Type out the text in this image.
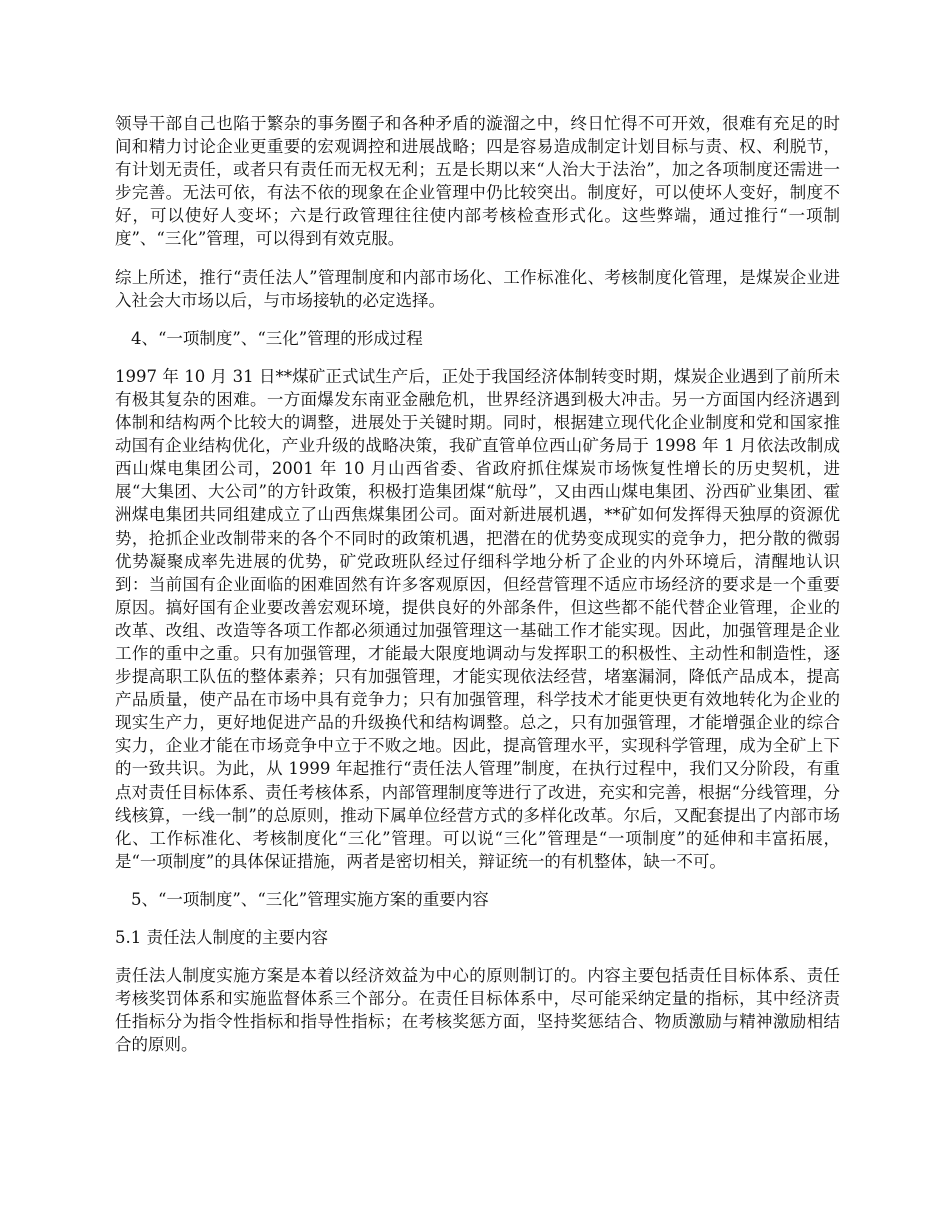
领导干部自己也陷于繁杂的事务圈子和各种矛盾的漩溜之中，终日忙得不可开效，很难有充足的时间和精力讨论企业更重要的宏观调控和进展战略；四是容易造成制定计划目标与责、权、利脱节，有计划无责任，或者只有责任而无权无利；五是长期以来“人治大于法治”，加之各项制度还需进一步完善。无法可依，有法不依的现象在企业管理中仍比较突出。制度好，可以使坏人变好，制度不好，可以使好人变坏；六是行政管理往往使内部考核检查形式化。这些弊端，通过推行“一项制度”、“三化”管理，可以得到有效克服。

综上所述，推行“责任法人”管理制度和内部市场化、工作标准化、考核制度化管理，是煤炭企业进入社会大市场以后，与市场接轨的必定选择。

4、“一项制度”、“三化”管理的形成过程

1997 年 10 月 31 日**煤矿正式试生产后，正处于我国经济体制转变时期，煤炭企业遇到了前所未有极其复杂的困难。一方面爆发东南亚金融危机，世界经济遇到极大冲击。另一方面国内经济遇到体制和结构两个比较大的调整，进展处于关键时期。同时，根据建立现代化企业制度和党和国家推动国有企业结构优化，产业升级的战略决策，我矿直管单位西山矿务局于 1998 年 1 月依法改制成西山煤电集团公司，2001 年 10 月山西省委、省政府抓住煤炭市场恢复性增长的历史契机，进展“大集团、大公司”的方针政策，积极打造集团煤“航母”，又由西山煤电集团、汾西矿业集团、霍洲煤电集团共同组建成立了山西焦煤集团公司。面对新进展机遇，**矿如何发挥得天独厚的资源优势，抢抓企业改制带来的各个不同时的政策机遇，把潜在的优势变成现实的竞争力，把分散的微弱优势凝聚成率先进展的优势，矿党政班队经过仔细科学地分析了企业的内外环境后，清醒地认识到：当前国有企业面临的困难固然有许多客观原因，但经营管理不适应市场经济的要求是一个重要原因。搞好国有企业要改善宏观环境，提供良好的外部条件，但这些都不能代替企业管理，企业的改革、改组、改造等各项工作都必须通过加强管理这一基础工作才能实现。因此，加强管理是企业工作的重中之重。只有加强管理，才能最大限度地调动与发挥职工的积极性、主动性和制造性，逐步提高职工队伍的整体素养；只有加强管理，才能实现依法经营，堵塞漏洞，降低产品成本，提高产品质量，使产品在市场中具有竞争力；只有加强管理，科学技术才能更快更有效地转化为企业的现实生产力，更好地促进产品的升级换代和结构调整。总之，只有加强管理，才能增强企业的综合实力，企业才能在市场竞争中立于不败之地。因此，提高管理水平，实现科学管理，成为全矿上下的一致共识。为此，从 1999 年起推行“责任法人管理”制度，在执行过程中，我们又分阶段，有重点对责任目标体系、责任考核体系，内部管理制度等进行了改进，充实和完善，根据“分线管理，分线核算，一线一制”的总原则，推动下属单位经营方式的多样化改革。尔后，又配套提出了内部市场化、工作标准化、考核制度化“三化”管理。可以说“三化”管理是“一项制度”的延伸和丰富拓展，是“一项制度”的具体保证措施，两者是密切相关，辩证统一的有机整体，缺一不可。

5、“一项制度”、“三化”管理实施方案的重要内容

5.1 责任法人制度的主要内容

责任法人制度实施方案是本着以经济效益为中心的原则制订的。内容主要包括责任目标体系、责任考核奖罚体系和实施监督体系三个部分。在责任目标体系中，尽可能采纳定量的指标，其中经济责任指标分为指令性指标和指导性指标；在考核奖惩方面，坚持奖惩结合、物质激励与精神激励相结合的原则。
